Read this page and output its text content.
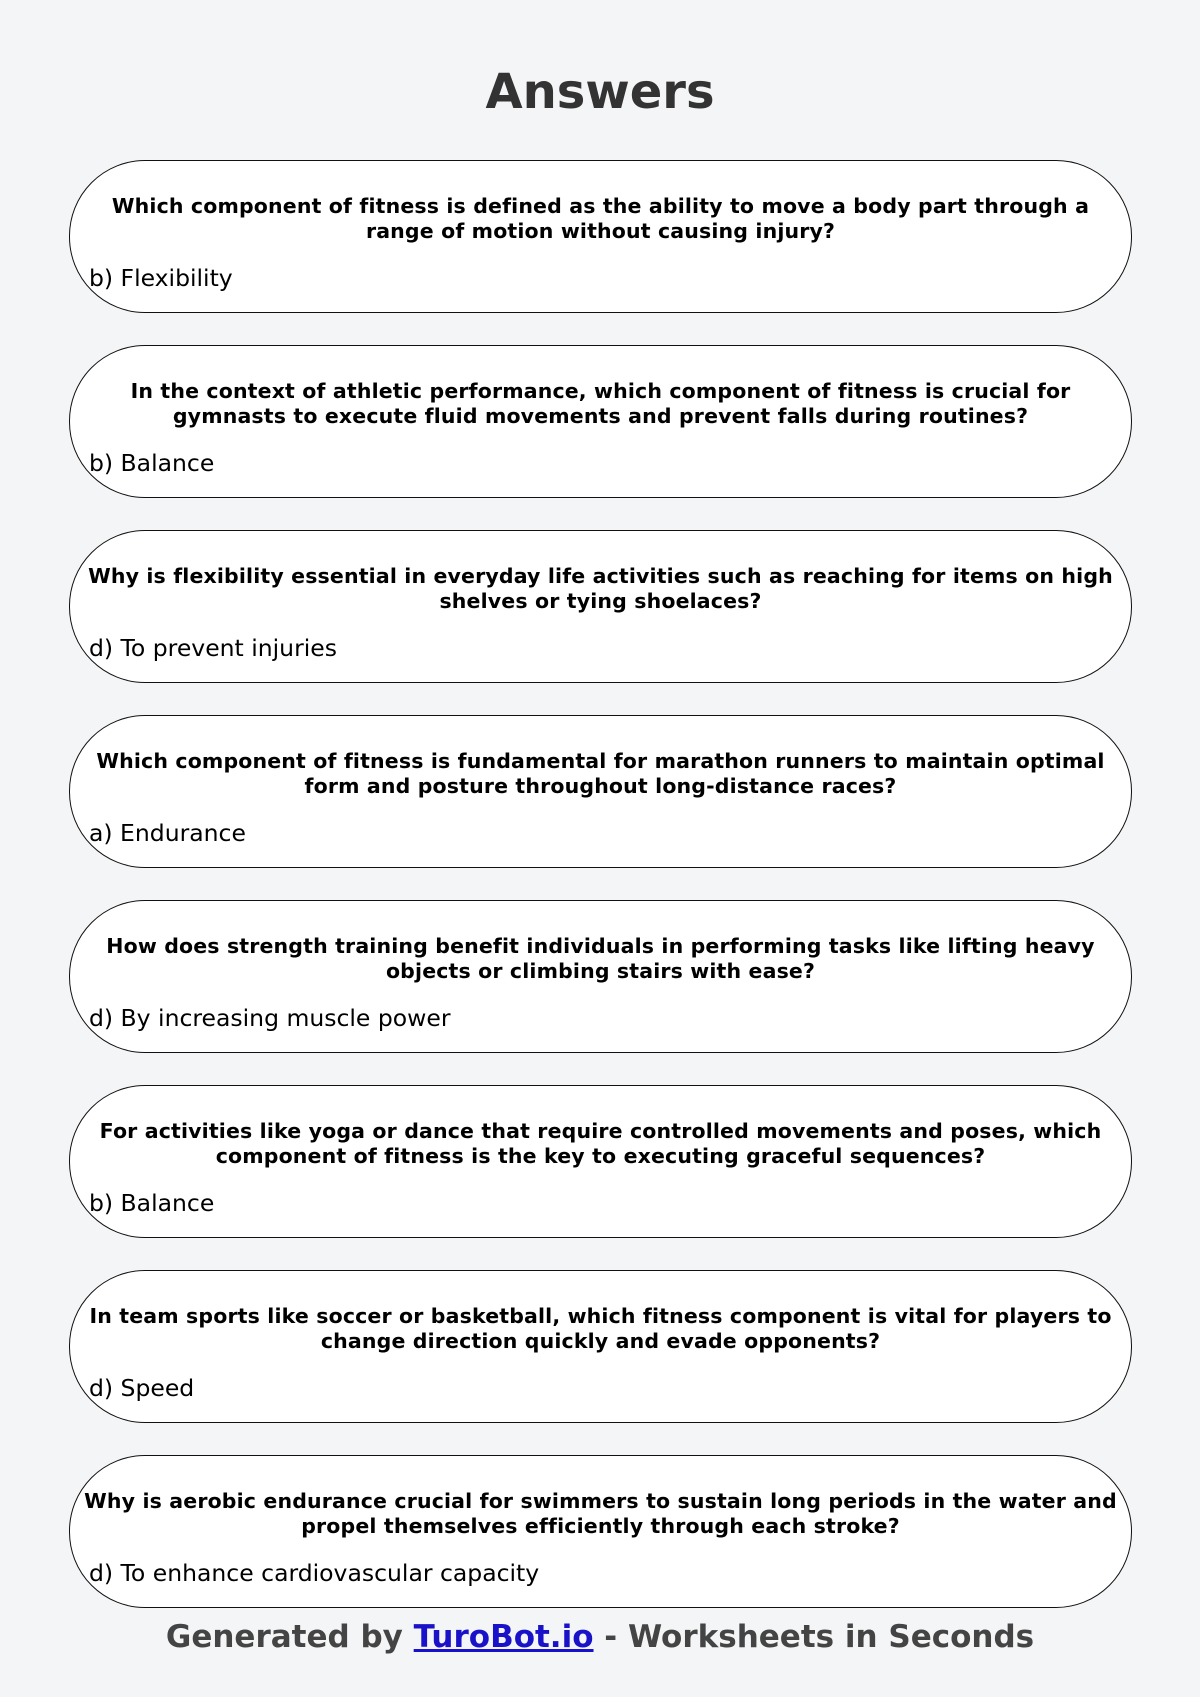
Answers
Which component of fitness is defined as the ability to move a body part through a range of motion without causing injury?
b) Flexibility
In the context of athletic performance, which component of fitness is crucial for gymnasts to execute fluid movements and prevent falls during routines?
b) Balance
Why is flexibility essential in everyday life activities such as reaching for items on high shelves or tying shoelaces?
d) To prevent injuries
Which component of fitness is fundamental for marathon runners to maintain optimal form and posture throughout long-distance races?
a) Endurance
How does strength training benefit individuals in performing tasks like lifting heavy objects or climbing stairs with ease?
d) By increasing muscle power
For activities like yoga or dance that require controlled movements and poses, which component of fitness is the key to executing graceful sequences?
b) Balance
In team sports like soccer or basketball, which fitness component is vital for players to change direction quickly and evade opponents?
d) Speed
Why is aerobic endurance crucial for swimmers to sustain long periods in the water and propel themselves efficiently through each stroke?
d) To enhance cardiovascular capacity
Generated by TuroBot.io - Worksheets in Seconds
